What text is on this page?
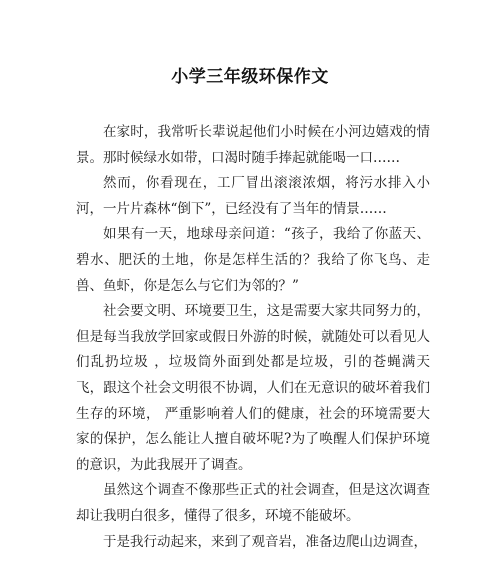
小学三年级环保作文

在家时，我常听长辈说起他们小时候在小河边嬉戏的情景。那时候绿水如带，口渴时随手捧起就能喝一口……

然而，你看现在，工厂冒出滚滚浓烟，将污水排入小河，一片片森林“倒下”，已经没有了当年的情景……

如果有一天，地球母亲问道：“孩子，我给了你蓝天、碧水、肥沃的土地，你是怎样生活的？我给了你飞鸟、走兽、鱼虾，你是怎么与它们为邻的？”

社会要文明、环境要卫生，这是需要大家共同努力的，但是每当我放学回家或假日外游的时候，就随处可以看见人们乱扔垃圾 ，垃圾筒外面到处都是垃圾，引的苍蝇满天飞，跟这个社会文明很不协调，人们在无意识的破坏着我们生存的环境， 严重影响着人们的健康，社会的环境需要大家的保护，怎么能让人擅自破坏呢?为了唤醒人们保护环境的意识，为此我展开了调查。

虽然这个调查不像那些正式的社会调查，但是这次调查却让我明白很多，懂得了很多，环境不能破坏。

于是我行动起来，来到了观音岩，准备边爬山边调查，
